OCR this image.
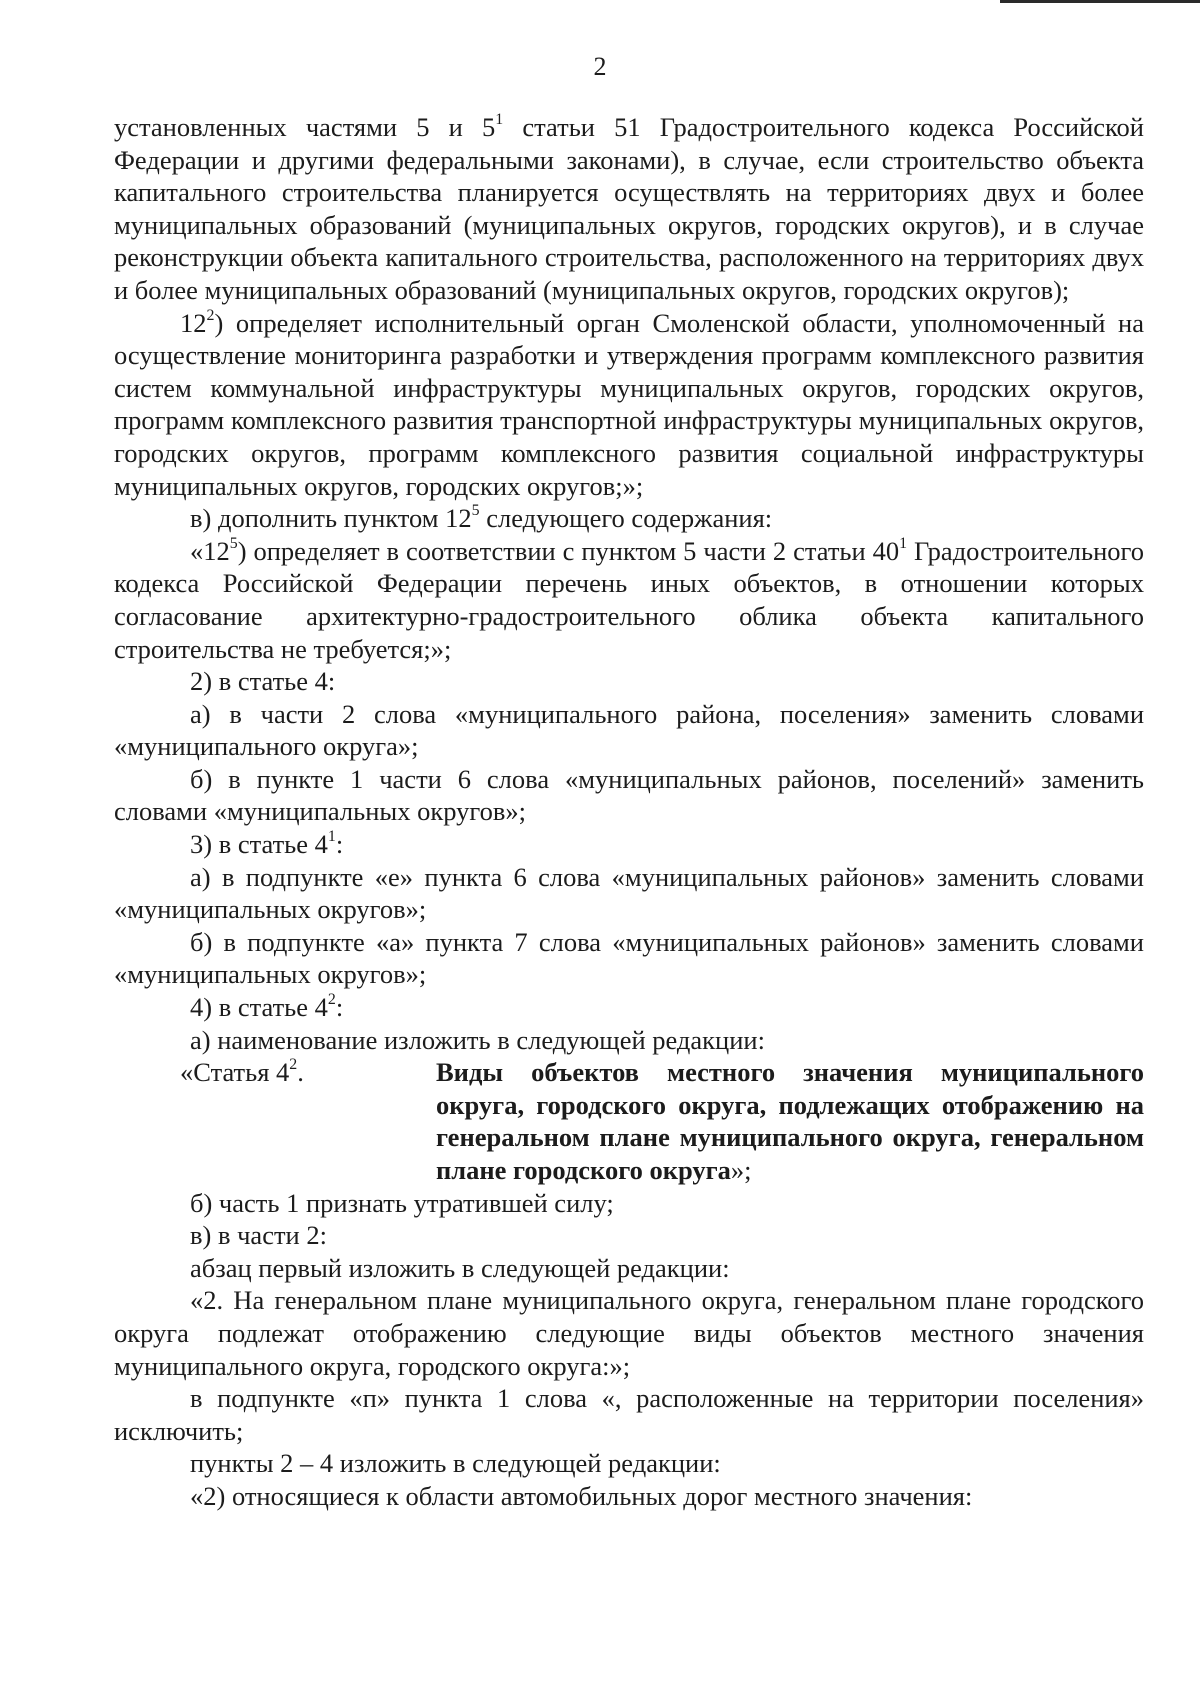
2

установленных частями 5 и $5^1$ статьи 51 Градостроительного кодекса Российской Федерации и другими федеральными законами), в случае, если строительство объекта капитального строительства планируется осуществлять на территориях двух и более муниципальных образований (муниципальных округов, городских округов), и в случае реконструкции объекта капитального строительства, расположенного на территориях двух и более муниципальных образований (муниципальных округов, городских округов);

$12^2$) определяет исполнительный орган Смоленской области, уполномоченный на осуществление мониторинга разработки и утверждения программ комплексного развития систем коммунальной инфраструктуры муниципальных округов, городских округов, программ комплексного развития транспортной инфраструктуры муниципальных округов, городских округов, программ комплексного развития социальной инфраструктуры муниципальных округов, городских округов;»;

в) дополнить пунктом $12^5$ следующего содержания:

«$12^5$) определяет в соответствии с пунктом 5 части 2 статьи $40^1$ Градостроительного кодекса Российской Федерации перечень иных объектов, в отношении которых согласование архитектурно-градостроительного облика объекта капитального строительства не требуется;»;

2) в статье 4:

а) в части 2 слова «муниципального района, поселения» заменить словами «муниципального округа»;

б) в пункте 1 части 6 слова «муниципальных районов, поселений» заменить словами «муниципальных округов»;

3) в статье $4^1$:

а) в подпункте «е» пункта 6 слова «муниципальных районов» заменить словами «муниципальных округов»;

б) в подпункте «а» пункта 7 слова «муниципальных районов» заменить словами «муниципальных округов»;

4) в статье $4^2$:

а) наименование изложить в следующей редакции:

«Статья $4^2$.	Виды объектов местного значения муниципального округа, городского округа, подлежащих отображению на генеральном плане муниципального округа, генеральном плане городского округа»;

б) часть 1 признать утратившей силу;

в) в части 2:

абзац первый изложить в следующей редакции:

«2. На генеральном плане муниципального округа, генеральном плане городского округа подлежат отображению следующие виды объектов местного значения муниципального округа, городского округа:»;

в подпункте «п» пункта 1 слова «, расположенные на территории поселения» исключить;

пункты 2 – 4 изложить в следующей редакции:

«2) относящиеся к области автомобильных дорог местного значения:
